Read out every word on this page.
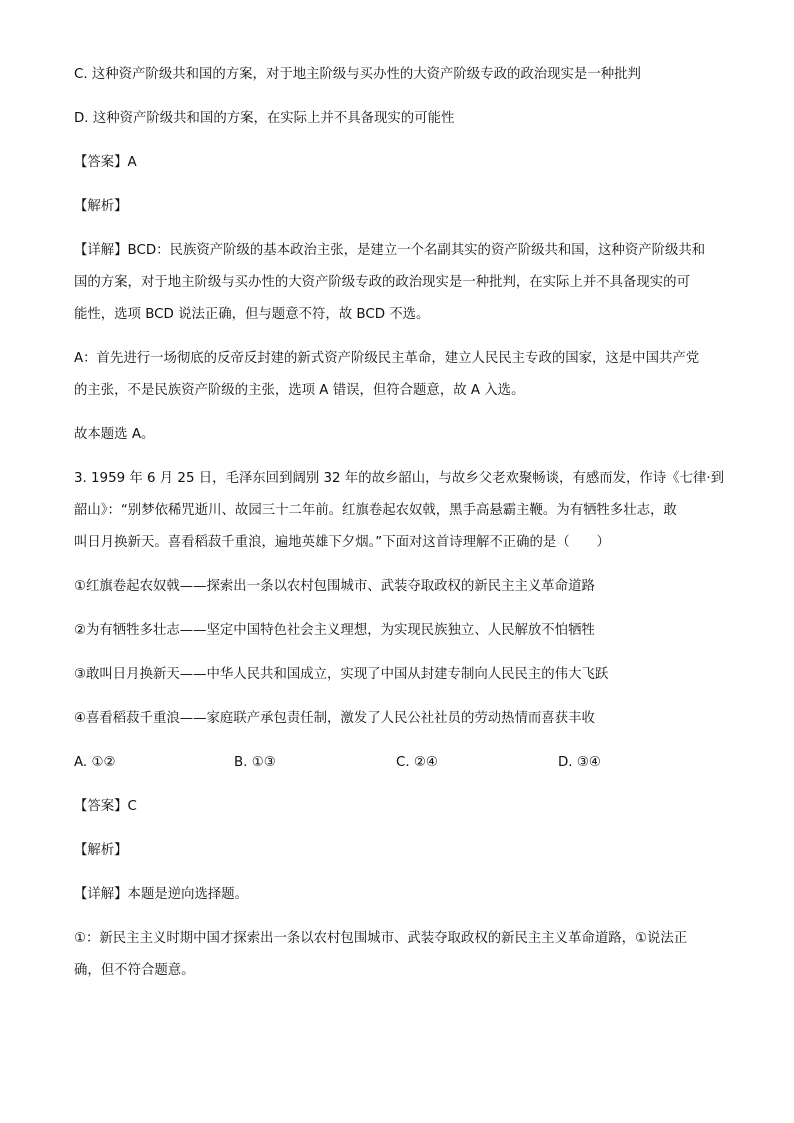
C. 这种资产阶级共和国的方案，对于地主阶级与买办性的大资产阶级专政的政治现实是一种批判

D. 这种资产阶级共和国的方案，在实际上并不具备现实的可能性

【答案】A

【解析】

【详解】BCD：民族资产阶级的基本政治主张，是建立一个名副其实的资产阶级共和国，这种资产阶级共和

国的方案，对于地主阶级与买办性的大资产阶级专政的政治现实是一种批判，在实际上并不具备现实的可

能性，选项 BCD 说法正确，但与题意不符，故 BCD 不选。

A：首先进行一场彻底的反帝反封建的新式资产阶级民主革命，建立人民民主专政的国家，这是中国共产党

的主张，不是民族资产阶级的主张，选项 A 错误，但符合题意，故 A 入选。

故本题选 A。

3. 1959 年 6 月 25 日，毛泽东回到阔别 32 年的故乡韶山，与故乡父老欢聚畅谈，有感而发，作诗《七律·到

韶山》：“别梦依稀咒逝川、故园三十二年前。红旗卷起农奴戟，黑手高悬霸主鞭。为有牺牲多壮志，敢

叫日月换新天。喜看稻菽千重浪，遍地英雄下夕烟。”下面对这首诗理解不正确的是（　　）

①红旗卷起农奴戟——探索出一条以农村包围城市、武装夺取政权的新民主主义革命道路

②为有牺牲多壮志——坚定中国特色社会主义理想，为实现民族独立、人民解放不怕牺牲

③敢叫日月换新天——中华人民共和国成立，实现了中国从封建专制向人民民主的伟大飞跃

④喜看稻菽千重浪——家庭联产承包责任制，激发了人民公社社员的劳动热情而喜获丰收

A. ①②	B. ①③	C. ②④	D. ③④

【答案】C

【解析】

【详解】本题是逆向选择题。

①：新民主主义时期中国才探索出一条以农村包围城市、武装夺取政权的新民主主义革命道路，①说法正

确，但不符合题意。
